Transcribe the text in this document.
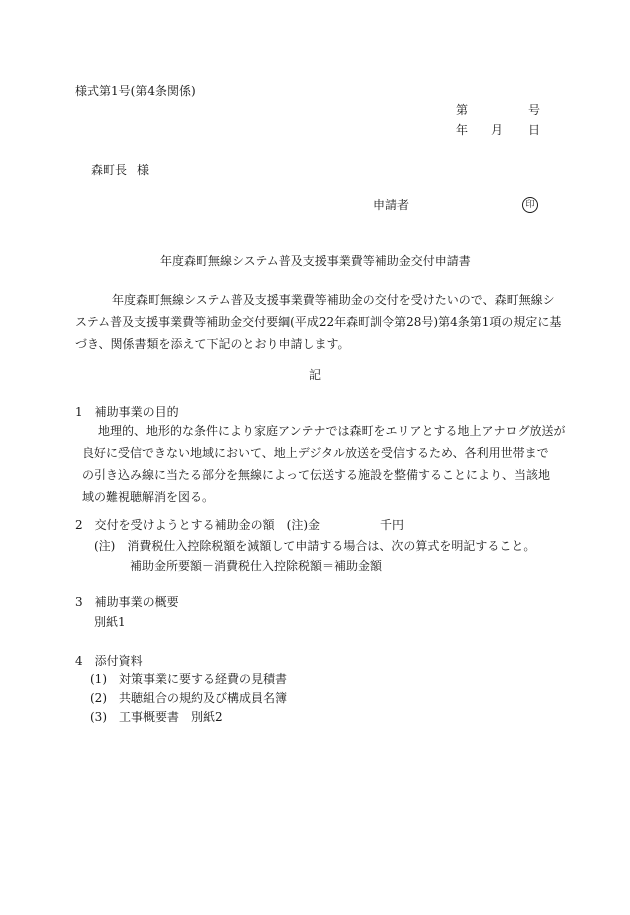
様式第1号(第4条関係)
第	号
年 月 日
森町長 様
申請者	印
年度森町無線システム普及支援事業費等補助金交付申請書
年度森町無線システム普及支援事業費等補助金の交付を受けたいので、森町無線シ
ステム普及支援事業費等補助金交付要綱(平成22年森町訓令第28号)第4条第1項の規定に基
づき、関係書類を添えて下記のとおり申請します。
記
1　補助事業の目的
地理的、地形的な条件により家庭アンテナでは森町をエリアとする地上アナログ放送が
良好に受信できない地域において、地上デジタル放送を受信するため、各利用世帯まで
の引き込み線に当たる部分を無線によって伝送する施設を整備することにより、当該地
域の難視聴解消を図る。
2　交付を受けようとする補助金の額　(注)金	千円
(注)　消費税仕入控除税額を減額して申請する場合は、次の算式を明記すること。
補助金所要額－消費税仕入控除税額＝補助金額
3　補助事業の概要
別紙1
4　添付資料
(1)　対策事業に要する経費の見積書
(2)　共聴組合の規約及び構成員名簿
(3)　工事概要書　別紙2
